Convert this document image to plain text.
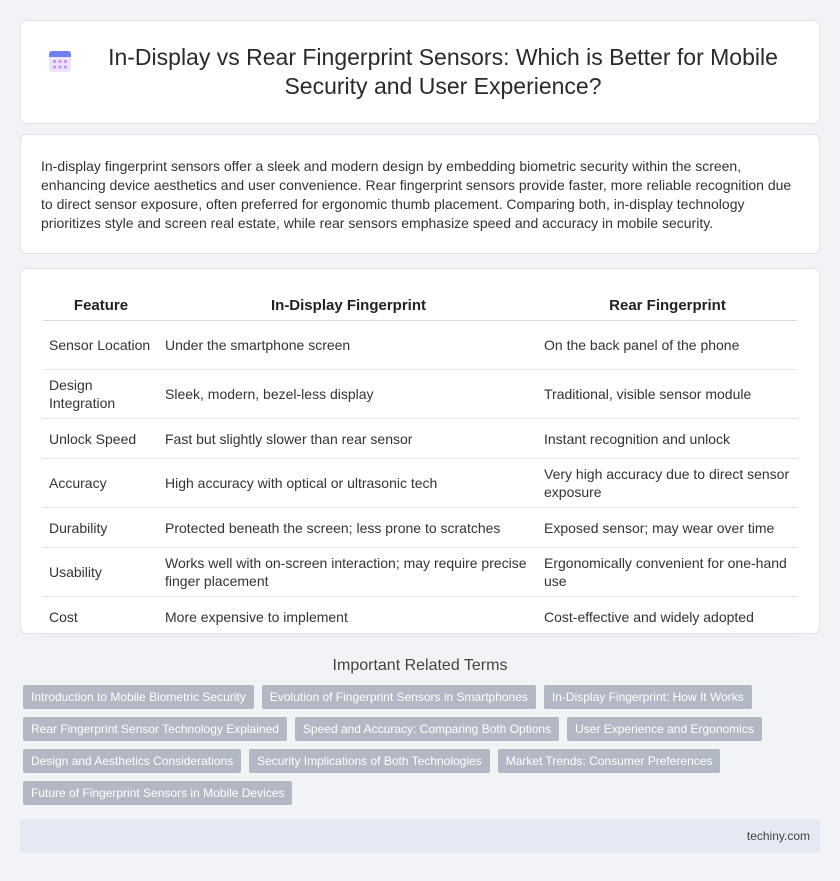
In-Display vs Rear Fingerprint Sensors: Which is Better for Mobile Security and User Experience?

In-display fingerprint sensors offer a sleek and modern design by embedding biometric security within the screen, enhancing device aesthetics and user convenience. Rear fingerprint sensors provide faster, more reliable recognition due to direct sensor exposure, often preferred for ergonomic thumb placement. Comparing both, in-display technology prioritizes style and screen real estate, while rear sensors emphasize speed and accuracy in mobile security.

Feature	In-Display Fingerprint	Rear Fingerprint
Sensor Location	Under the smartphone screen	On the back panel of the phone
Design Integration	Sleek, modern, bezel-less display	Traditional, visible sensor module
Unlock Speed	Fast but slightly slower than rear sensor	Instant recognition and unlock
Accuracy	High accuracy with optical or ultrasonic tech	Very high accuracy due to direct sensor exposure
Durability	Protected beneath the screen; less prone to scratches	Exposed sensor; may wear over time
Usability	Works well with on-screen interaction; may require precise finger placement	Ergonomically convenient for one-hand use
Cost	More expensive to implement	Cost-effective and widely adopted
Important Related Terms
Introduction to Mobile Biometric Security	Evolution of Fingerprint Sensors in Smartphones	In-Display Fingerprint: How It Works
Rear Fingerprint Sensor Technology Explained	Speed and Accuracy: Comparing Both Options	User Experience and Ergonomics
Design and Aesthetics Considerations	Security Implications of Both Technologies	Market Trends: Consumer Preferences
Future of Fingerprint Sensors in Mobile Devices
techiny.com
